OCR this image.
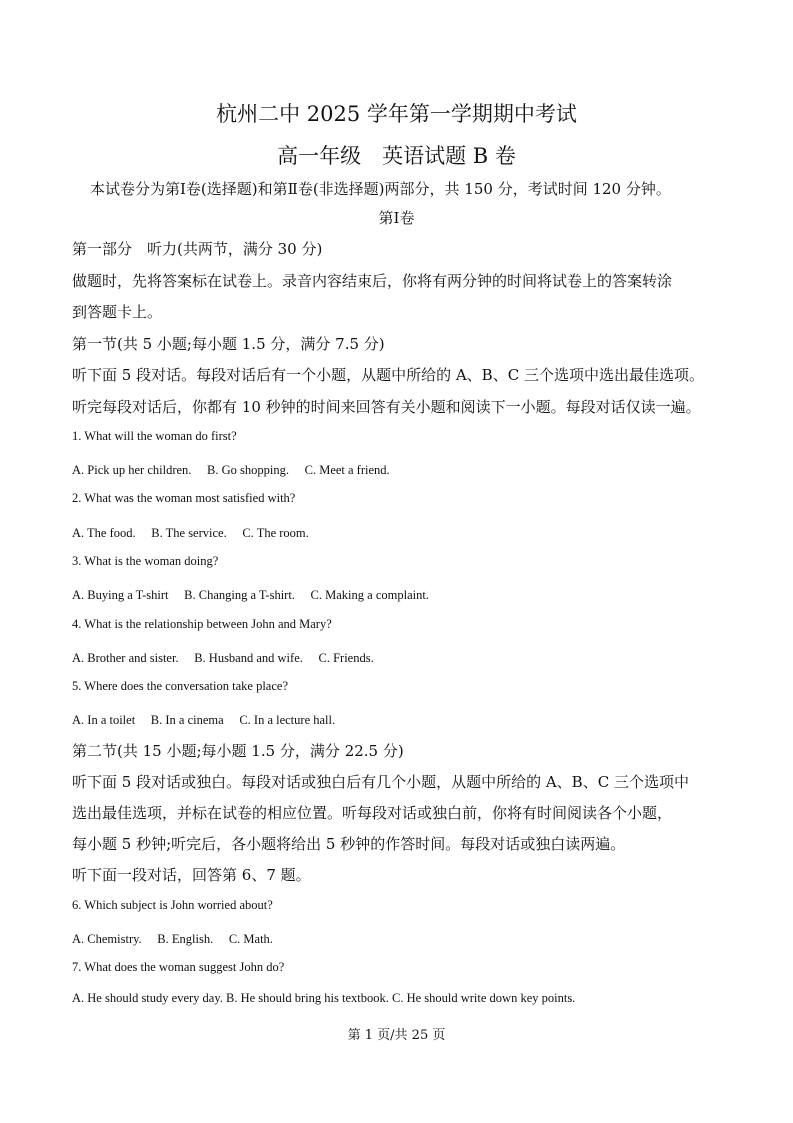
杭州二中 2025 学年第一学期期中考试
高一年级　英语试题 B 卷
本试卷分为第Ⅰ卷(选择题)和第Ⅱ卷(非选择题)两部分，共 150 分，考试时间 120 分钟。
第Ⅰ卷
第一部分　听力(共两节，满分 30 分)
做题时，先将答案标在试卷上。录音内容结束后，你将有两分钟的时间将试卷上的答案转涂
到答题卡上。
第一节(共 5 小题;每小题 1.5 分，满分 7.5 分)
听下面 5 段对话。每段对话后有一个小题，从题中所给的 A、B、C 三个选项中选出最佳选项。
听完每段对话后，你都有 10 秒钟的时间来回答有关小题和阅读下一小题。每段对话仅读一遍。
1. What will the woman do first?
A. Pick up her children.　 B. Go shopping.　 C. Meet a friend.
2. What was the woman most satisfied with?
A. The food.　 B. The service.　 C. The room.
3. What is the woman doing?
A. Buying a T-shirt　 B. Changing a T-shirt.　 C. Making a complaint.
4. What is the relationship between John and Mary?
A. Brother and sister.　 B. Husband and wife.　 C. Friends.
5. Where does the conversation take place?
A. In a toilet　 B. In a cinema　 C. In a lecture hall.
第二节(共 15 小题;每小题 1.5 分，满分 22.5 分)
听下面 5 段对话或独白。每段对话或独白后有几个小题，从题中所给的 A、B、C 三个选项中
选出最佳选项，并标在试卷的相应位置。听每段对话或独白前，你将有时间阅读各个小题，
每小题 5 秒钟;听完后，各小题将给出 5 秒钟的作答时间。每段对话或独白读两遍。
听下面一段对话，回答第 6、7 题。
6. Which subject is John worried about?
A. Chemistry.　 B. English.　 C. Math.
7. What does the woman suggest John do?
A. He should study every day. B. He should bring his textbook. C. He should write down key points.
第 1 页/共 25 页
